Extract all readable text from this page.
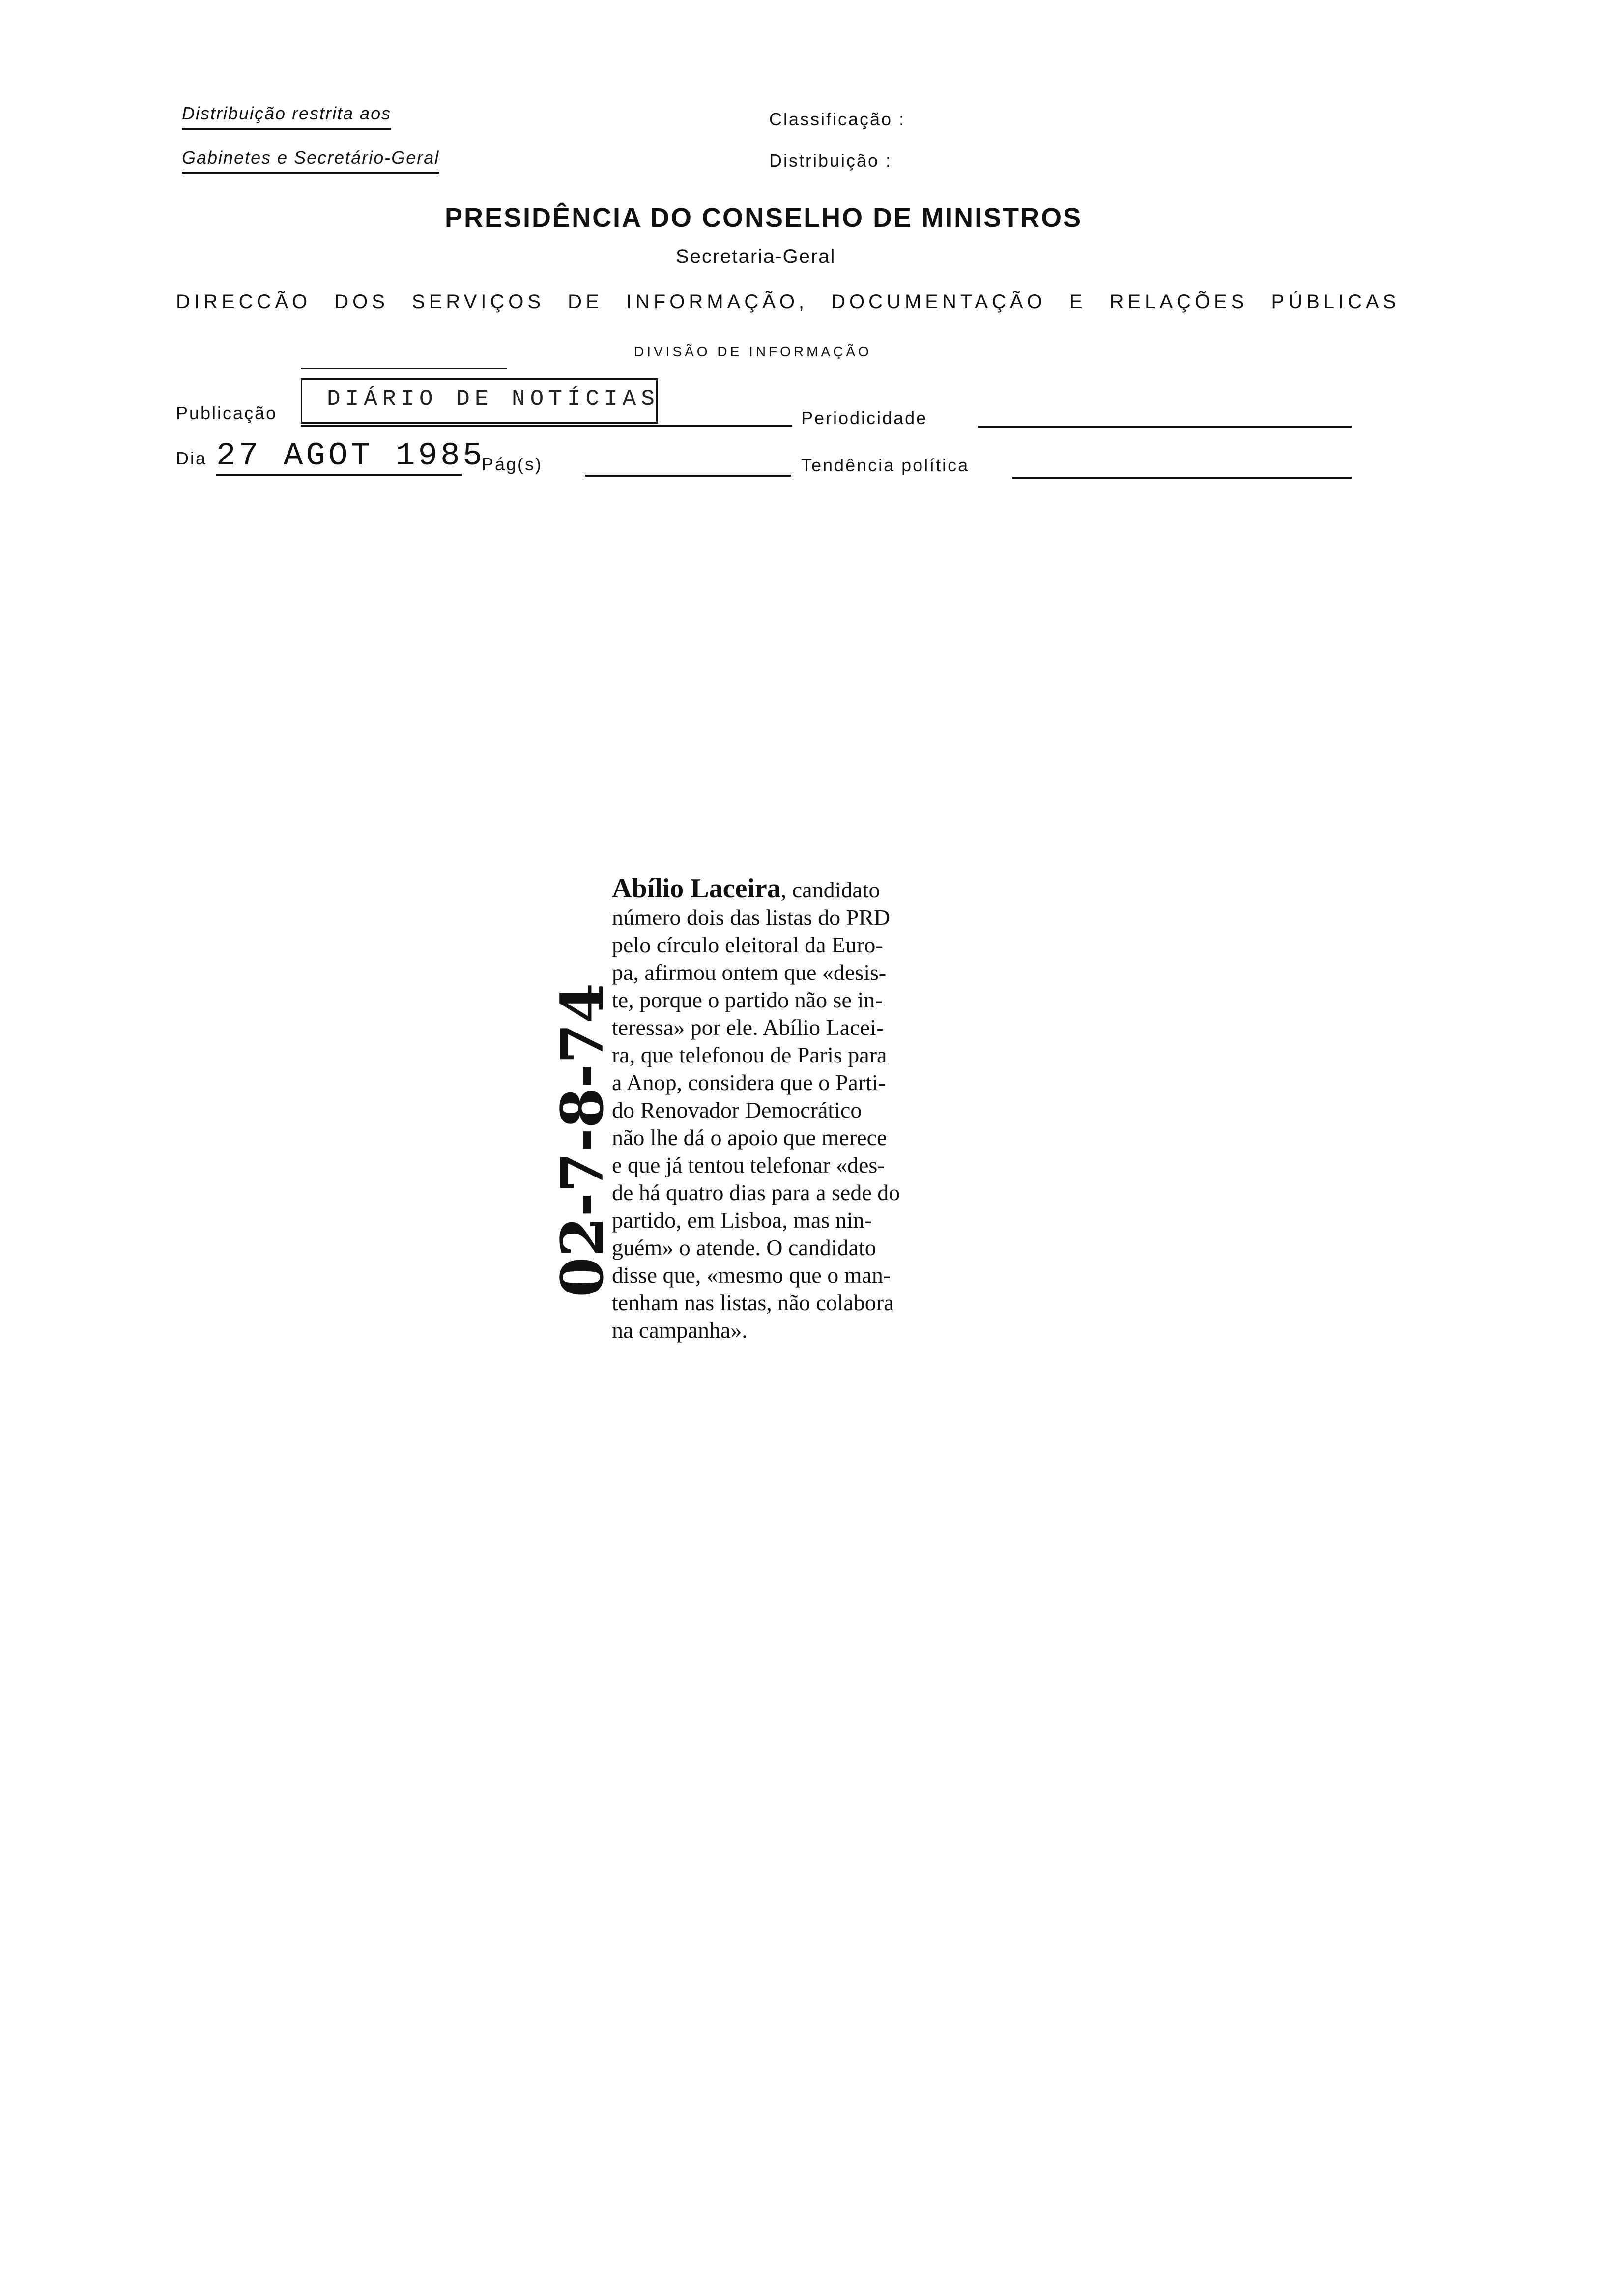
Distribuição restrita aos
Gabinetes e Secretário-Geral
Classificação :
Distribuição :
PRESIDÊNCIA DO CONSELHO DE MINISTROS
Secretaria-Geral
DIRECCÃO DOS SERVIÇOS DE INFORMAÇÃO, DOCUMENTAÇÃO E RELAÇÕES PÚBLICAS
DIVISÃO DE INFORMAÇÃO
Publicação
DIÁRIO DE NOTÍCIAS
Periodicidade
Dia 27 AGOT 1985
Pág(s)	Tendência política
02-7-8-74
Abílio Laceira, candidato
número dois das listas do PRD
pelo círculo eleitoral da Euro-
pa, afirmou ontem que «desis-
te, porque o partido não se in-
teressa» por ele. Abílio Lacei-
ra, que telefonou de Paris para
a Anop, considera que o Parti-
do Renovador Democrático
não lhe dá o apoio que merece
e que já tentou telefonar «des-
de há quatro dias para a sede do
partido, em Lisboa, mas nin-
guém» o atende. O candidato
disse que, «mesmo que o man-
tenham nas listas, não colabora
na campanha».
